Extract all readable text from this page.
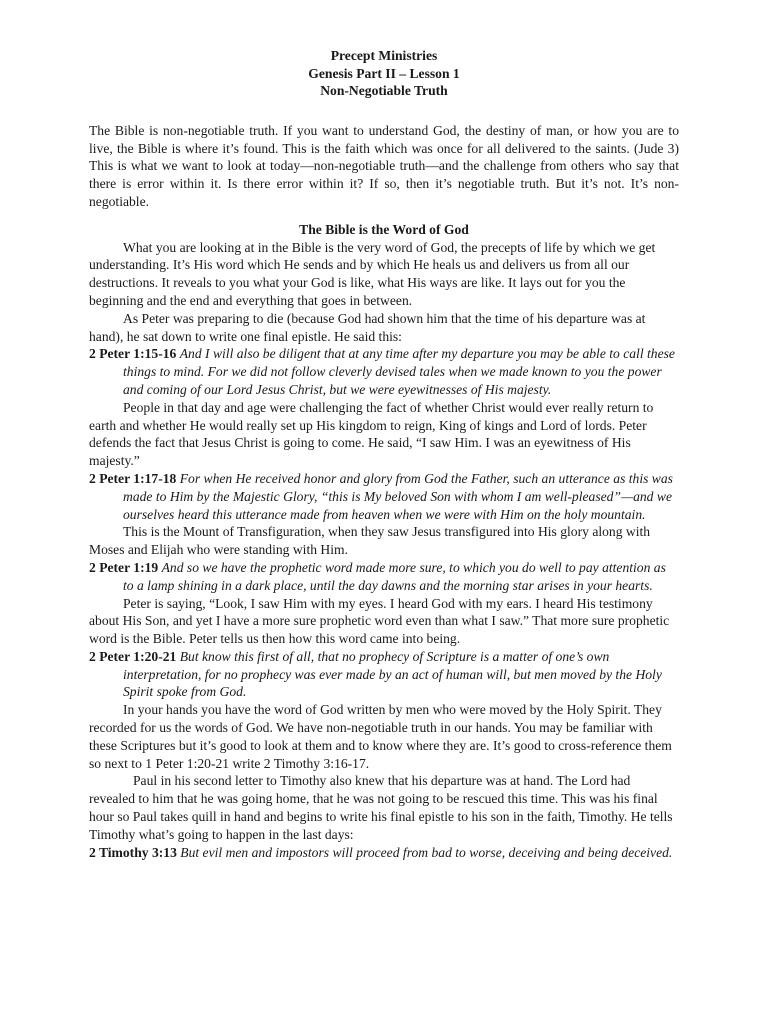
Precept Ministries
Genesis Part II – Lesson 1
Non-Negotiable Truth
The Bible is non-negotiable truth. If you want to understand God, the destiny of man, or how you are to live, the Bible is where it’s found. This is the faith which was once for all delivered to the saints. (Jude 3) This is what we want to look at today—non-negotiable truth—and the challenge from others who say that there is error within it. Is there error within it? If so, then it’s negotiable truth. But it’s not. It’s non-negotiable.
The Bible is the Word of God
What you are looking at in the Bible is the very word of God, the precepts of life by which we get understanding. It’s His word which He sends and by which He heals us and delivers us from all our destructions. It reveals to you what your God is like, what His ways are like. It lays out for you the beginning and the end and everything that goes in between.
As Peter was preparing to die (because God had shown him that the time of his departure was at hand), he sat down to write one final epistle. He said this:
2 Peter 1:15-16 And I will also be diligent that at any time after my departure you may be able to call these things to mind. For we did not follow cleverly devised tales when we made known to you the power and coming of our Lord Jesus Christ, but we were eyewitnesses of His majesty.
People in that day and age were challenging the fact of whether Christ would ever really return to earth and whether He would really set up His kingdom to reign, King of kings and Lord of lords. Peter defends the fact that Jesus Christ is going to come. He said, “I saw Him. I was an eyewitness of His majesty.”
2 Peter 1:17-18 For when He received honor and glory from God the Father, such an utterance as this was made to Him by the Majestic Glory, “this is My beloved Son with whom I am well-pleased”—and we ourselves heard this utterance made from heaven when we were with Him on the holy mountain.
This is the Mount of Transfiguration, when they saw Jesus transfigured into His glory along with Moses and Elijah who were standing with Him.
2 Peter 1:19 And so we have the prophetic word made more sure, to which you do well to pay attention as to a lamp shining in a dark place, until the day dawns and the morning star arises in your hearts.
Peter is saying, “Look, I saw Him with my eyes. I heard God with my ears. I heard His testimony about His Son, and yet I have a more sure prophetic word even than what I saw.” That more sure prophetic word is the Bible. Peter tells us then how this word came into being.
2 Peter 1:20-21 But know this first of all, that no prophecy of Scripture is a matter of one’s own interpretation, for no prophecy was ever made by an act of human will, but men moved by the Holy Spirit spoke from God.
In your hands you have the word of God written by men who were moved by the Holy Spirit. They recorded for us the words of God. We have non-negotiable truth in our hands. You may be familiar with these Scriptures but it’s good to look at them and to know where they are. It’s good to cross-reference them so next to 1 Peter 1:20-21 write 2 Timothy 3:16-17.
Paul in his second letter to Timothy also knew that his departure was at hand. The Lord had revealed to him that he was going home, that he was not going to be rescued this time. This was his final hour so Paul takes quill in hand and begins to write his final epistle to his son in the faith, Timothy. He tells Timothy what’s going to happen in the last days:
2 Timothy 3:13 But evil men and impostors will proceed from bad to worse, deceiving and being deceived.
